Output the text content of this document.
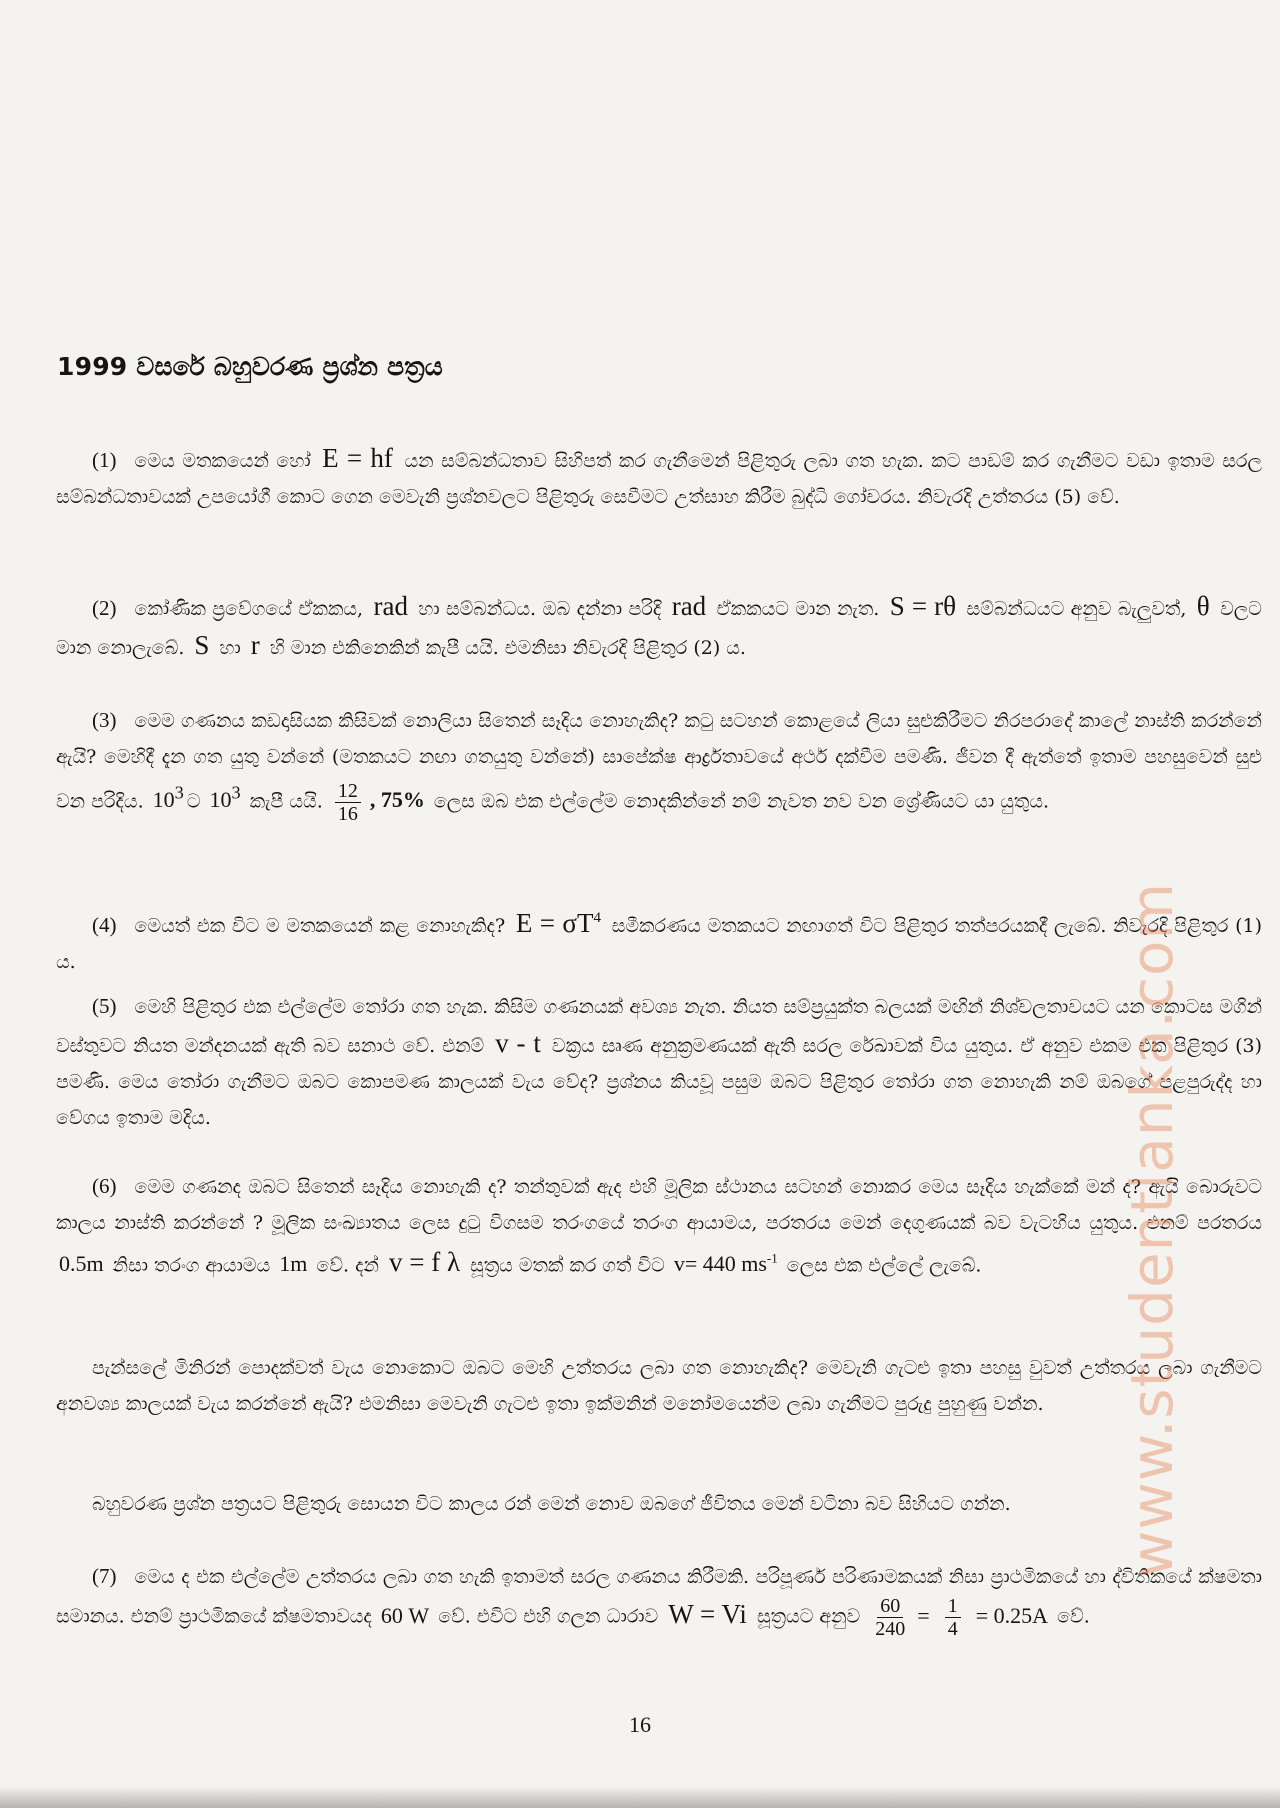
1999 වසරේ බහුවරණ ප්‍රශ්න පත්‍රය

(1) මෙය මතකයෙන් හෝ E = hf යන සම්බන්ධතාව සිහිපත් කර ගැනීමෙන් පිළිතුරු ලබා ගත හැක. කට පාඩම් කර ගැනීමට වඩා ඉතාම සරල සම්බන්ධතාවයක් උපයෝගී කොට ගෙන මෙවැනි ප්‍රශ්නවලට පිළිතුරු සෙවීමට උත්සාහ කිරීම බුද්ධි ගෝචරය. නිවැරදි උත්තරය (5) වේ.

(2) කෝණික ප්‍රවේගයේ ඒකකය, rad හා සම්බන්ධය. ඔබ දන්නා පරිදි rad ඒකකයට මාන නැත. S = rθ සම්බන්ධයට අනුව බැලුවත්, θ වලට මාන නොලැබේ. S හා r හි මාන එකිනෙකින් කැපී යයි. එමනිසා නිවැරදි පිළිතුර (2) ය.

(3) මෙම ගණනය කඩදාසියක කිසිවක් නොලියා සිතෙන් සෑදිය නොහැකිද? කටු සටහන් කොළයේ ලියා සුළුකිරීමට නිරපරාදේ කාලේ නාස්ති කරන්නේ ඇයි? මෙහිදී දැන ගත යුතු වන්නේ (මතකයට නඟා ගතයුතු වන්නේ) සාපේක්ෂ ආර්ද්‍රතාවයේ අර්ථ දක්වීම පමණි. ජීවන දී ඇත්තේ ඉතාම පහසුවෙන් සුළු වන පරිදිය. $10^3$ ට $10^3$ කැපී යයි. $\frac{12}{16}$ , 75% ලෙස ඔබ එක එල්ලේම නොදකින්නේ නම් නැවත නව වන ශ්‍රේණියට යා යුතුය.

(4) මෙයත් එක විට ම මතකයෙන් කළ නොහැකිද? $E = \sigma T^4$ සමීකරණය මතකයට නඟාගත් විට පිළිතුර තත්පරයකදී ලැබේ. නිවැරදි පිළිතුර (1) ය.

(5) මෙහි පිළිතුර එක එල්ලේම තෝරා ගත හැක. කිසිම ගණනයක් අවශ්‍ය නැත. නියත සම්ප්‍රයුක්ත බලයක් මඟින් නිශ්චලතාවයට යන කොටස මගින් වස්තුවට නියත මන්දනයක් ඇති බව සනාථ වේ. එනම් v - t වක්‍රය සෘණ අනුක්‍රමණයක් ඇති සරල රේඛාවක් විය යුතුය. ඒ අනුව එකම එක පිළිතුර (3) පමණි. මෙය තෝරා ගැනීමට ඔබට කොපමණ කාලයක් වැය වේද? ප්‍රශ්නය කියවූ පසුම ඔබට පිළිතුර තෝරා ගත නොහැකි නම් ඔබගේ පළපුරුද්ද හා වේගය ඉතාම මදිය.

(6) මෙම ගණනද ඔබට සිතෙන් සෑදිය නොහැකි ද? තන්තුවක් ඇද එහි මූලික ස්ථානය සටහන් නොකර මෙය සෑදිය හැක්කේ මන් ද? ඇයි බොරුවට කාලය නාස්ති කරන්නේ ? මූලික සංඛ්‍යාතය ලෙස දුටු විගසම තරංගයේ තරංග ආයාමය, පරතරය මෙන් දෙගුණයක් බව වැටහිය යුතුය. එනම් පරතරය 0.5m නිසා තරංග ආයාමය 1m වේ. දන් v = f λ සූත්‍රය මතක් කර ගත් විට v= 440 $ms^{-1}$ ලෙස එක එල්ලේ ලැබේ.

පැන්සලේ මිනිරන් පොදක්වත් වැය නොකොට ඔබට මෙහි උත්තරය ලබා ගත නොහැකිද? මෙවැනි ගැටළු ඉතා පහසු වුවත් උත්තරය ලබා ගැනීමට අනවශ්‍ය කාලයක් වැය කරන්නේ ඇයි? එමනිසා මෙවැනි ගැටළු ඉතා ඉක්මනින් මනෝමයෙන්ම ලබා ගැනීමට පුරුදු පුහුණු වන්න.

බහුවරණ ප්‍රශ්න පත්‍රයට පිළිතුරු සොයන විට කාලය රන් මෙන් නොව ඔබගේ ජීවිතය මෙන් වටිනා බව සිහියට ගන්න.

(7) මෙය ද එක එල්ලේම උත්තරය ලබා ගත හැකි ඉතාමත් සරල ගණනය කිරීමකි. පරිපූර්ණ පරිණාමකයක් නිසා ප්‍රාථමිකයේ හා ද්විතිකයේ ක්ෂමතා සමානය. එනම් ප්‍රාථමිකයේ ක්ෂමතාවයද 60 W වේ. එවිට එහි ගලන ධාරාව W = Vi සූත්‍රයට අනුව $\frac{60}{240} = \frac{1}{4} = 0.25A$ වේ.

16
www.studentlanka.com
